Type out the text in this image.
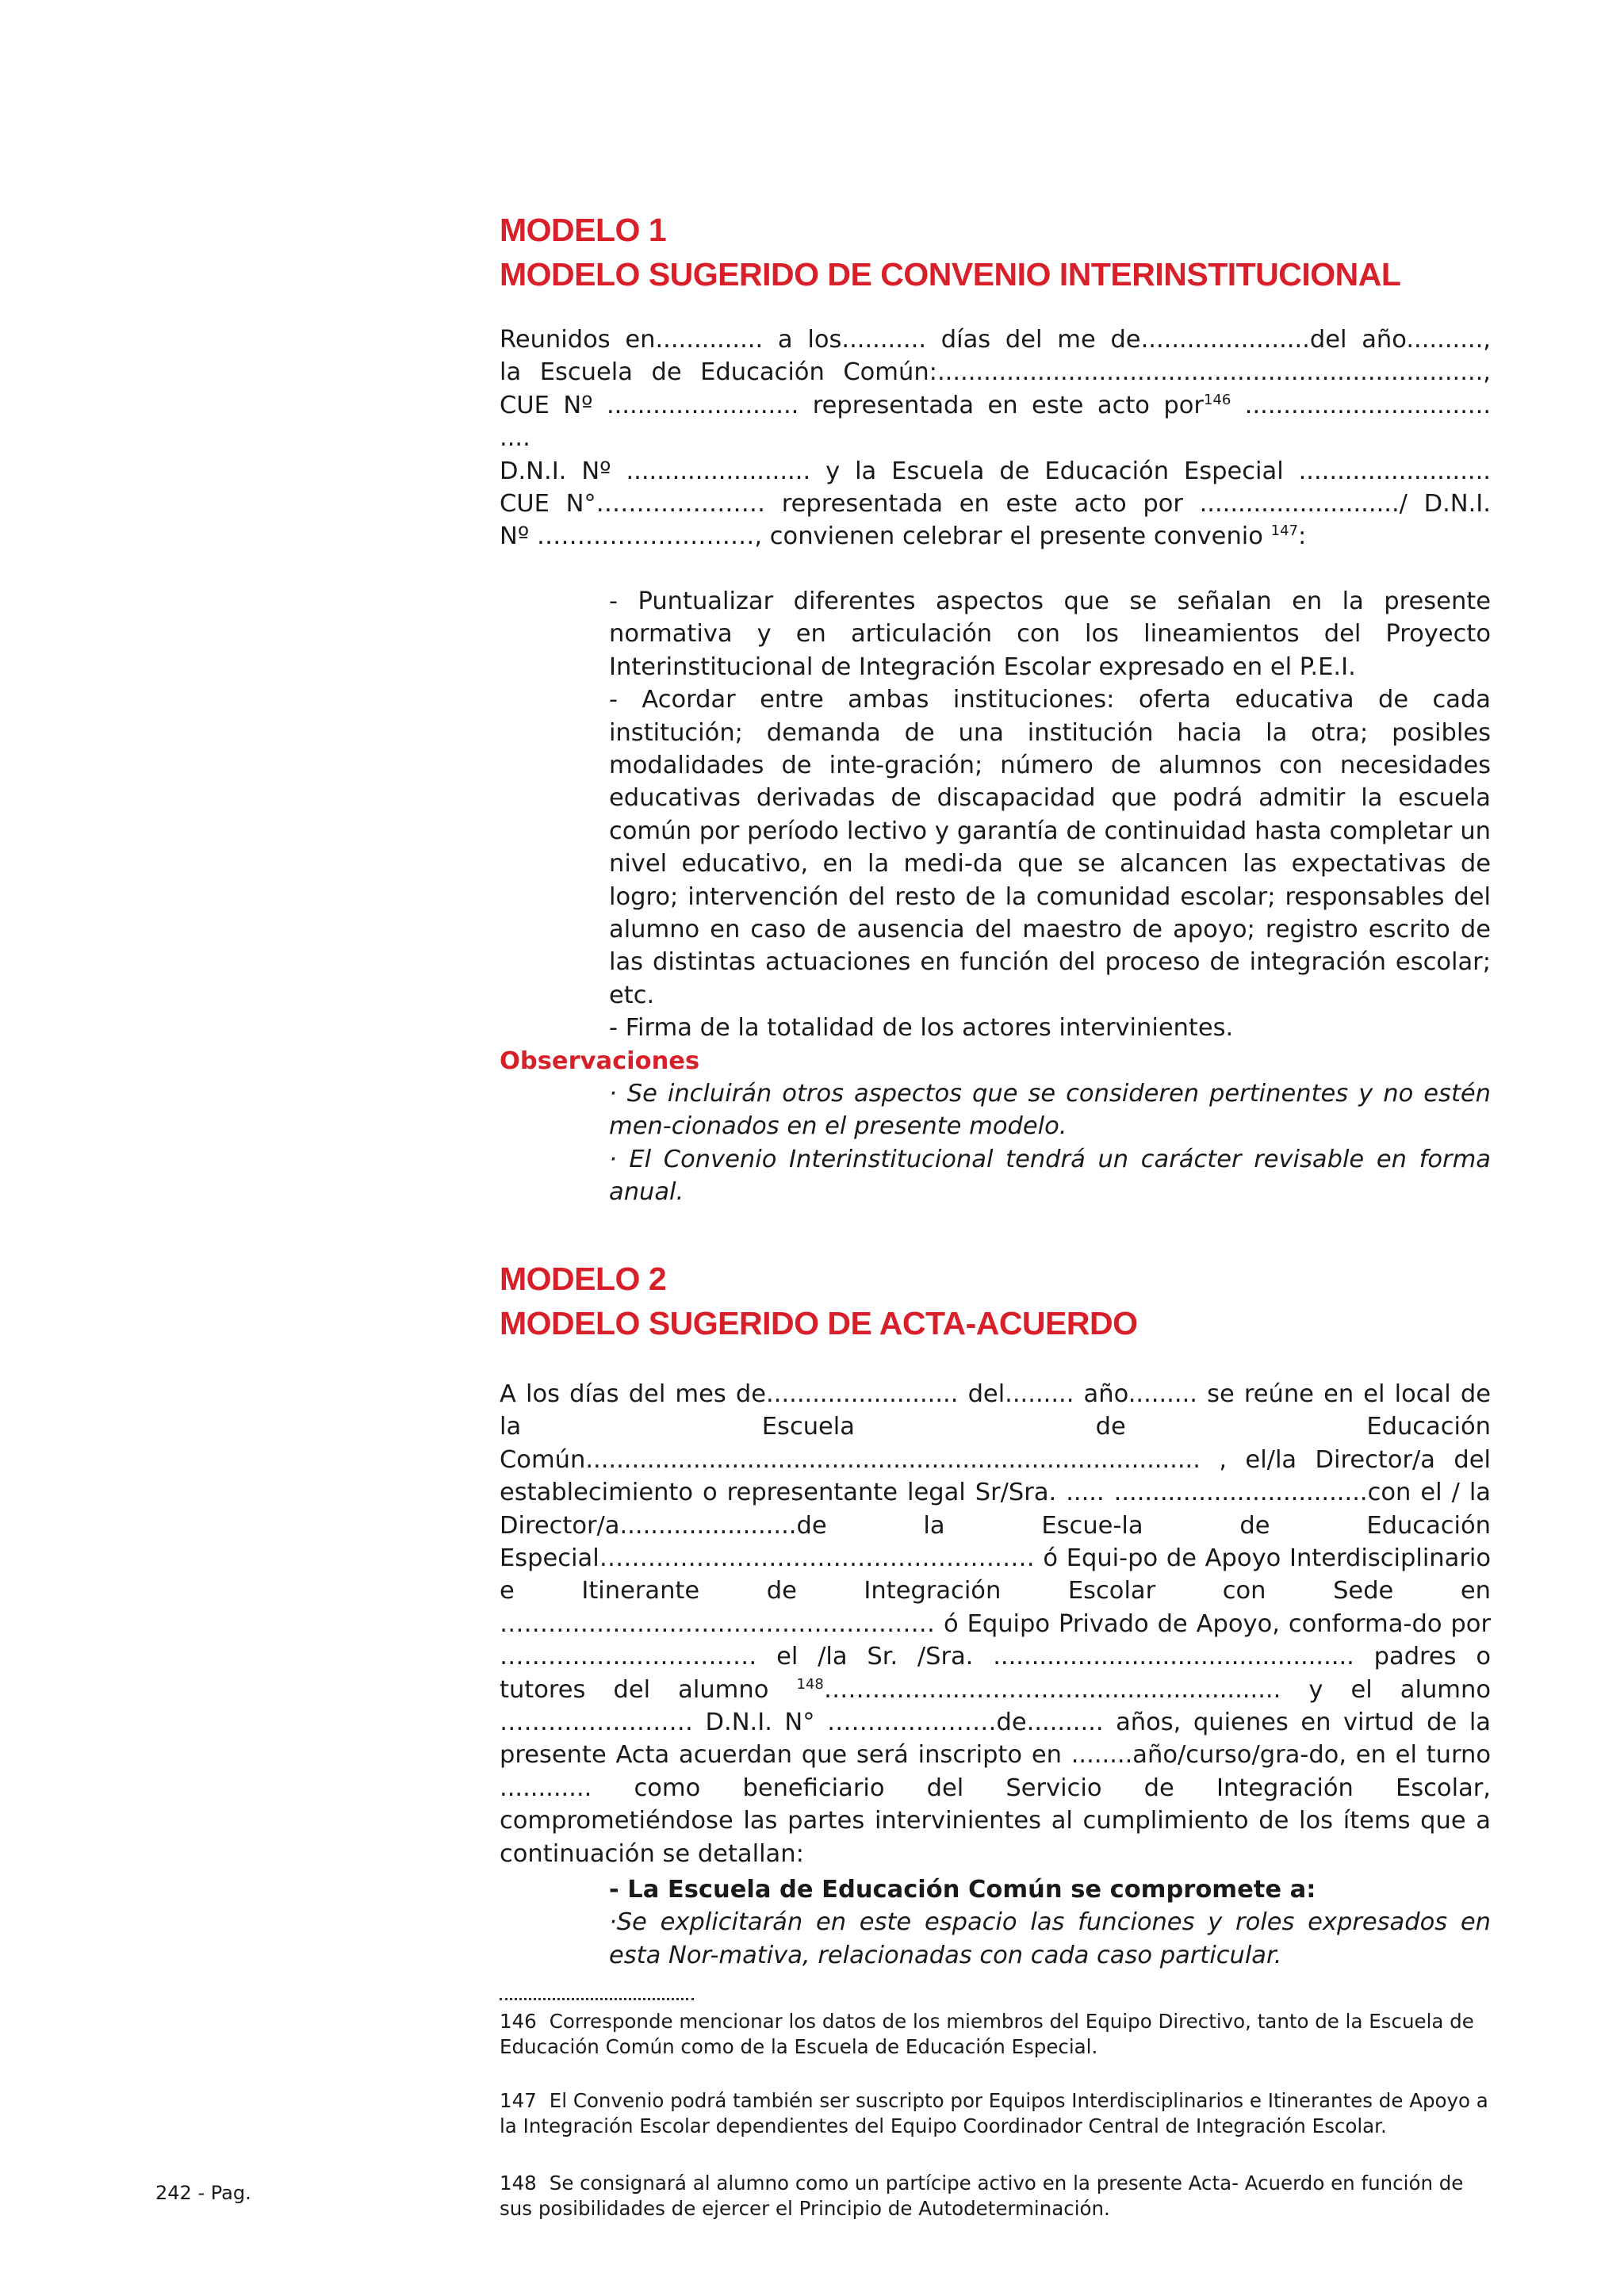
MODELO 1
MODELO SUGERIDO DE CONVENIO INTERINSTITUCIONAL
Reunidos en.............. a los........... días del me de......................del año..........,
la Escuela de Educación Común:.......................................................................,
CUE Nº ......................... representada en este acto por$^{146}$ ................................
....
D.N.I. Nº ........................ y la Escuela de Educación Especial .........................
CUE N°………………… representada en este acto por ........................../ D.N.I.
Nº ………………………, convienen celebrar el presente convenio $^{147}$:
- Puntualizar diferentes aspectos que se señalan en la presente normativa y en articulación con los lineamientos del Proyecto Interinstitucional de Integración Escolar expresado en el P.E.I.
- Acordar entre ambas instituciones: oferta educativa de cada institución; demanda de una institución hacia la otra; posibles modalidades de inte-gración; número de alumnos con necesidades educativas derivadas de discapacidad que podrá admitir la escuela común por período lectivo y garantía de continuidad hasta completar un nivel educativo, en la medi-da que se alcancen las expectativas de logro; intervención del resto de la comunidad escolar; responsables del alumno en caso de ausencia del maestro de apoyo; registro escrito de las distintas actuaciones en función del proceso de integración escolar; etc.
- Firma de la totalidad de los actores intervinientes.
Observaciones
· Se incluirán otros aspectos que se consideren pertinentes y no estén men-cionados en el presente modelo.
· El Convenio Interinstitucional tendrá un carácter revisable en forma anual.
MODELO 2
MODELO SUGERIDO DE ACTA-ACUERDO
A los días del mes de......................... del......... año......... se reúne en el local de la Escuela de Educación Común................................................................................ , el/la Director/a del establecimiento o representante legal Sr/Sra. ..... .................................con el / la Director/a.......................de la Escue-la de Educación Especial……………………………………………… ó Equi-po de Apoyo Interdisciplinario e Itinerante de Integración Escolar con Sede en ……………………………………………… ó Equipo Privado de Apoyo, conforma-do por ……………..…………… el /la Sr. /Sra. ............................................... padres o tutores del alumno $^{148}$……………..…………….......................... y el alumno …………………… D.N.I. N° …………………de.......... años, quienes en virtud de la presente Acta acuerdan que será inscripto en ........año/curso/gra-do, en el turno ............ como beneficiario del Servicio de Integración Escolar, comprometiéndose las partes intervinientes al cumplimiento de los ítems que a continuación se detallan:
- La Escuela de Educación Común se compromete a:
·Se explicitarán en este espacio las funciones y roles expresados en esta Nor-mativa, relacionadas con cada caso particular.
146 Corresponde mencionar los datos de los miembros del Equipo Directivo, tanto de la Escuela de Educación Común como de la Escuela de Educación Especial.
147 El Convenio podrá también ser suscripto por Equipos Interdisciplinarios e Itinerantes de Apoyo a la Integración Escolar dependientes del Equipo Coordinador Central de Integración Escolar.
148 Se consignará al alumno como un partícipe activo en la presente Acta- Acuerdo en función de sus posibilidades de ejercer el Principio de Autodeterminación.
242 - Pag.
